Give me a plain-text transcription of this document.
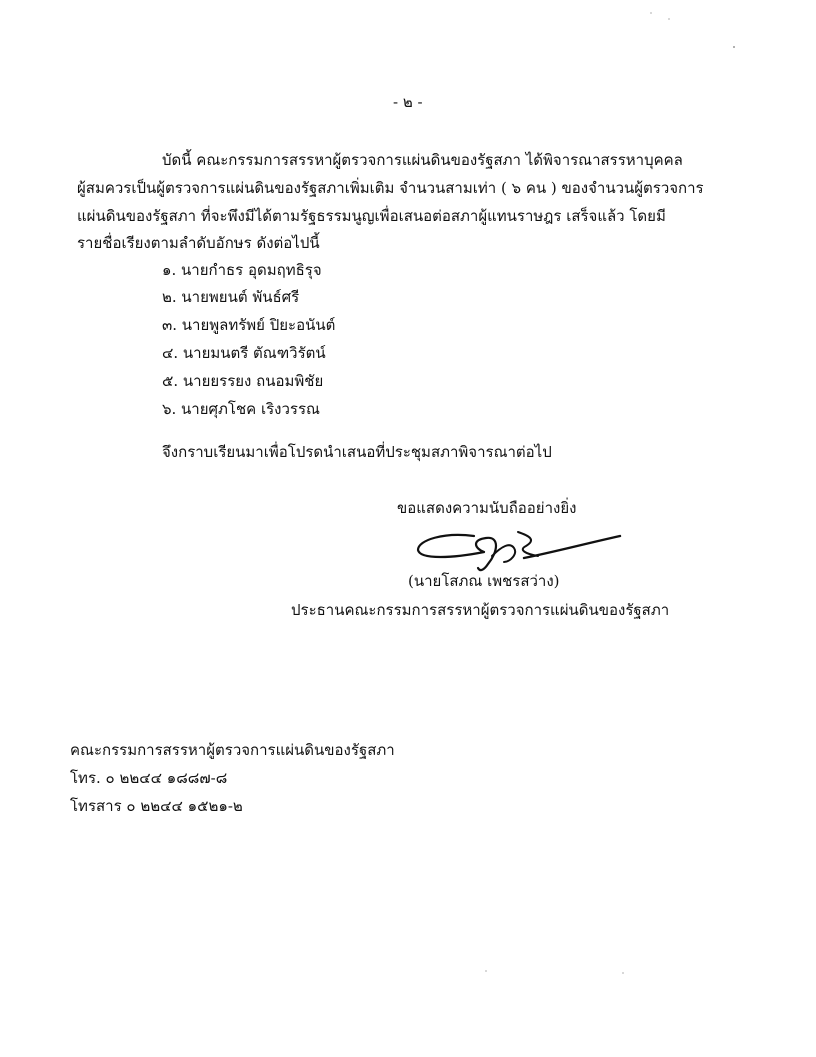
- ๒ -
บัดนี้ คณะกรรมการสรรหาผู้ตรวจการแผ่นดินของรัฐสภา ได้พิจารณาสรรหาบุคคล
ผู้สมควรเป็นผู้ตรวจการแผ่นดินของรัฐสภาเพิ่มเติม จำนวนสามเท่า ( ๖ คน ) ของจำนวนผู้ตรวจการ
แผ่นดินของรัฐสภา ที่จะพึงมีได้ตามรัฐธรรมนูญเพื่อเสนอต่อสภาผู้แทนราษฎร เสร็จแล้ว โดยมี
รายชื่อเรียงตามลำดับอักษร ดังต่อไปนี้
๑. นายกำธร อุดมฤทธิรุจ
๒. นายพยนต์ พันธ์ศรี
๓. นายพูลทรัพย์ ปิยะอนันต์
๔. นายมนตรี ตัณฑวิรัตน์
๕. นายยรรยง ถนอมพิชัย
๖. นายศุภโชค เริงวรรณ
จึงกราบเรียนมาเพื่อโปรดนำเสนอที่ประชุมสภาพิจารณาต่อไป
ขอแสดงความนับถืออย่างยิ่ง
(นายโสภณ เพชรสว่าง)
ประธานคณะกรรมการสรรหาผู้ตรวจการแผ่นดินของรัฐสภา
คณะกรรมการสรรหาผู้ตรวจการแผ่นดินของรัฐสภา
โทร. ๐ ๒๒๔๔ ๑๘๘๗-๘
โทรสาร ๐ ๒๒๔๔ ๑๕๒๑-๒
